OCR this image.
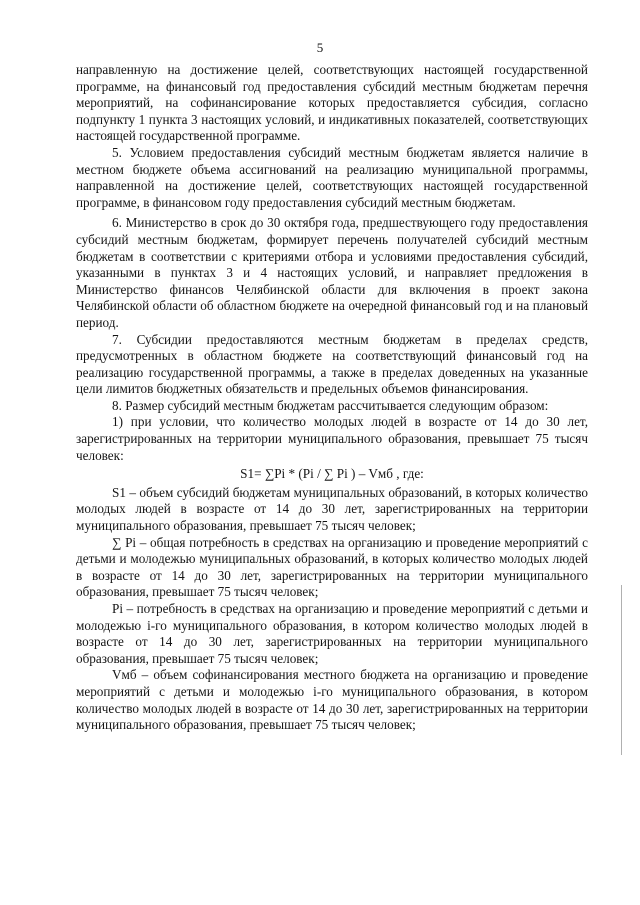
5

направленную на достижение целей, соответствующих настоящей государственной программе, на финансовый год предоставления субсидий местным бюджетам перечня мероприятий, на софинансирование которых предоставляется субсидия, согласно подпункту 1 пункта 3 настоящих условий, и индикативных показателей, соответствующих настоящей государственной программе.

5. Условием предоставления субсидий местным бюджетам является наличие в местном бюджете объема ассигнований на реализацию муниципальной программы, направленной на достижение целей, соответствующих настоящей государственной программе, в финансовом году предоставления субсидий местным бюджетам.

6. Министерство в срок до 30 октября года, предшествующего году предоставления субсидий местным бюджетам, формирует перечень получателей субсидий местным бюджетам в соответствии с критериями отбора и условиями предоставления субсидий, указанными в пунктах 3 и 4 настоящих условий, и направляет предложения в Министерство финансов Челябинской области для включения в проект закона Челябинской области об областном бюджете на очередной финансовый год и на плановый период.

7. Субсидии предоставляются местным бюджетам в пределах средств, предусмотренных в областном бюджете на соответствующий финансовый год на реализацию государственной программы, а также в пределах доведенных на указанные цели лимитов бюджетных обязательств и предельных объемов финансирования.

8. Размер субсидий местным бюджетам рассчитывается следующим образом:

1) при условии, что количество молодых людей в возрасте от 14 до 30 лет, зарегистрированных на территории муниципального образования, превышает 75 тысяч человек:

S1= ∑Pi * (Pi / ∑ Pi ) – Vмб , где:

S1 – объем субсидий бюджетам муниципальных образований, в которых количество молодых людей в возрасте от 14 до 30 лет, зарегистрированных на территории муниципального образования, превышает 75 тысяч человек;

∑ Pi – общая потребность в средствах на организацию и проведение мероприятий с детьми и молодежью муниципальных образований, в которых количество молодых людей в возрасте от 14 до 30 лет, зарегистрированных на территории муниципального образования, превышает 75 тысяч человек;

Pi – потребность в средствах на организацию и проведение мероприятий с детьми и молодежью i-го муниципального образования, в котором количество молодых людей в возрасте от 14 до 30 лет, зарегистрированных на территории муниципального образования, превышает 75 тысяч человек;

Vмб – объем софинансирования местного бюджета на организацию и проведение мероприятий с детьми и молодежью i-го муниципального образования, в котором количество молодых людей в возрасте от 14 до 30 лет, зарегистрированных на территории муниципального образования, превышает 75 тысяч человек;
